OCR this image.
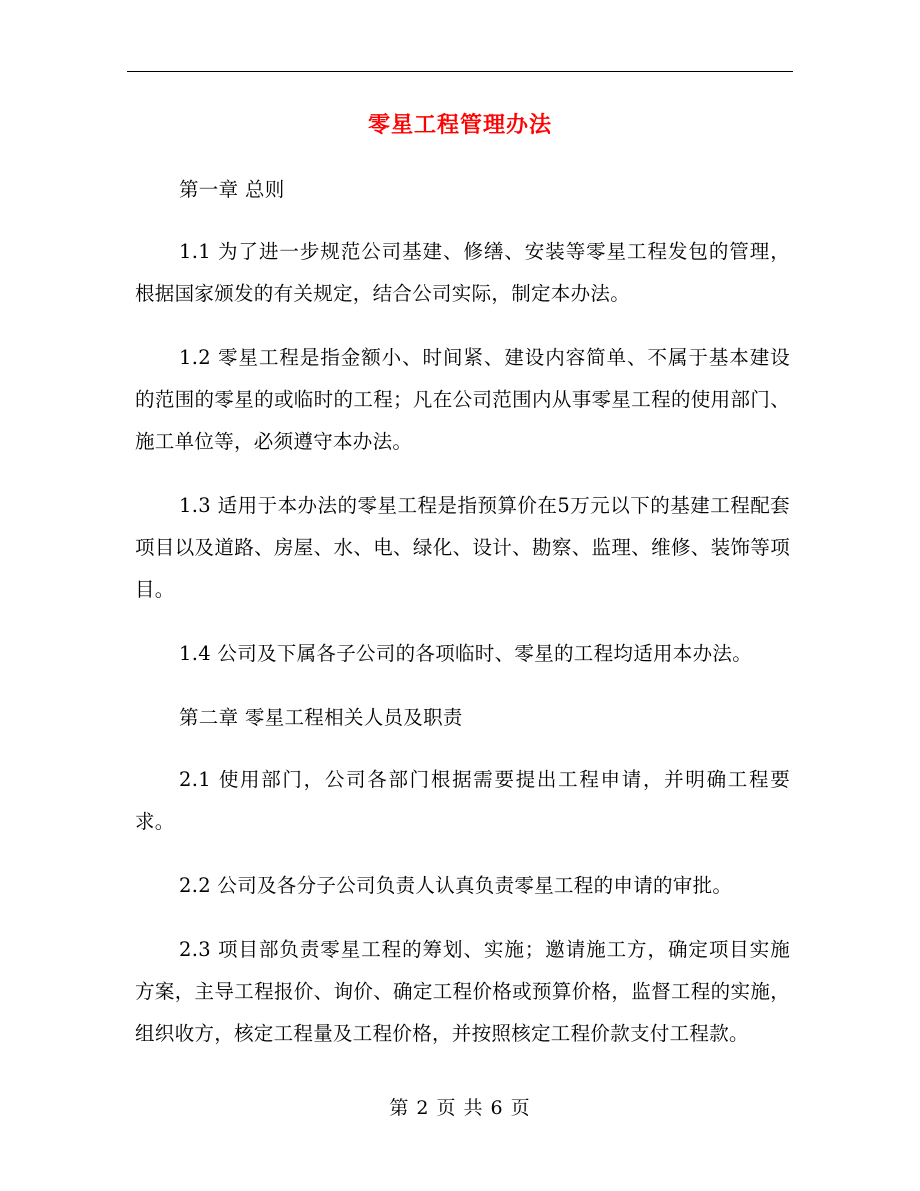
零星工程管理办法

第一章 总则

1.1 为了进一步规范公司基建、修缮、安装等零星工程发包的管理，根据国家颁发的有关规定，结合公司实际，制定本办法。

1.2 零星工程是指金额小、时间紧、建设内容简单、不属于基本建设的范围的零星的或临时的工程；凡在公司范围内从事零星工程的使用部门、施工单位等，必须遵守本办法。

1.3 适用于本办法的零星工程是指预算价在5万元以下的基建工程配套项目以及道路、房屋、水、电、绿化、设计、勘察、监理、维修、装饰等项目。

1.4 公司及下属各子公司的各项临时、零星的工程均适用本办法。

第二章 零星工程相关人员及职责

2.1 使用部门，公司各部门根据需要提出工程申请，并明确工程要求。

2.2 公司及各分子公司负责人认真负责零星工程的申请的审批。

2.3 项目部负责零星工程的筹划、实施；邀请施工方，确定项目实施方案，主导工程报价、询价、确定工程价格或预算价格，监督工程的实施，组织收方，核定工程量及工程价格，并按照核定工程价款支付工程款。

第 2 页 共 6 页
